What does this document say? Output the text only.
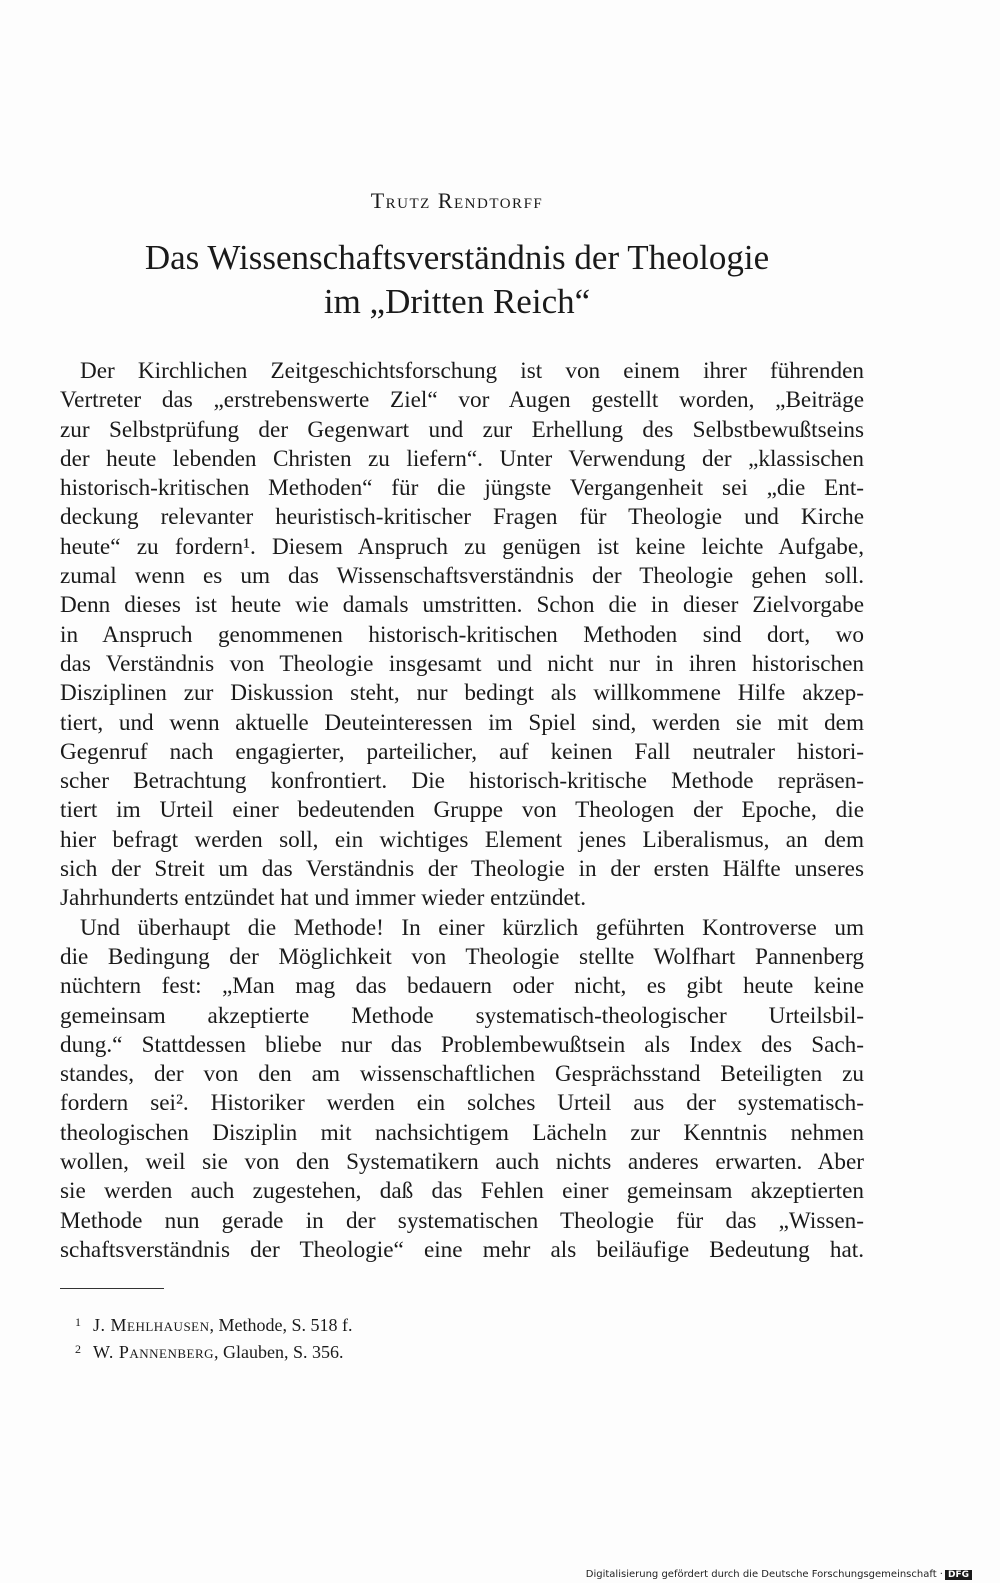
Trutz Rendtorff
Das Wissenschaftsverständnis der Theologie
im „Dritten Reich“
Der Kirchlichen Zeitgeschichtsforschung ist von einem ihrer führenden
Vertreter das „erstrebenswerte Ziel“ vor Augen gestellt worden, „Beiträge
zur Selbstprüfung der Gegenwart und zur Erhellung des Selbstbewußtseins
der heute lebenden Christen zu liefern“. Unter Verwendung der „klassischen
historisch-kritischen Methoden“ für die jüngste Vergangenheit sei „die Ent-
deckung relevanter heuristisch-kritischer Fragen für Theologie und Kirche
heute“ zu fordern¹. Diesem Anspruch zu genügen ist keine leichte Aufgabe,
zumal wenn es um das Wissenschaftsverständnis der Theologie gehen soll.
Denn dieses ist heute wie damals umstritten. Schon die in dieser Zielvorgabe
in Anspruch genommenen historisch-kritischen Methoden sind dort, wo
das Verständnis von Theologie insgesamt und nicht nur in ihren historischen
Disziplinen zur Diskussion steht, nur bedingt als willkommene Hilfe akzep-
tiert, und wenn aktuelle Deuteinteressen im Spiel sind, werden sie mit dem
Gegenruf nach engagierter, parteilicher, auf keinen Fall neutraler histori-
scher Betrachtung konfrontiert. Die historisch-kritische Methode repräsen-
tiert im Urteil einer bedeutenden Gruppe von Theologen der Epoche, die
hier befragt werden soll, ein wichtiges Element jenes Liberalismus, an dem
sich der Streit um das Verständnis der Theologie in der ersten Hälfte unseres
Jahrhunderts entzündet hat und immer wieder entzündet.
Und überhaupt die Methode! In einer kürzlich geführten Kontroverse um
die Bedingung der Möglichkeit von Theologie stellte Wolfhart Pannenberg
nüchtern fest: „Man mag das bedauern oder nicht, es gibt heute keine
gemeinsam akzeptierte Methode systematisch-theologischer Urteilsbil-
dung.“ Stattdessen bliebe nur das Problembewußtsein als Index des Sach-
standes, der von den am wissenschaftlichen Gesprächsstand Beteiligten zu
fordern sei². Historiker werden ein solches Urteil aus der systematisch-
theologischen Disziplin mit nachsichtigem Lächeln zur Kenntnis nehmen
wollen, weil sie von den Systematikern auch nichts anderes erwarten. Aber
sie werden auch zugestehen, daß das Fehlen einer gemeinsam akzeptierten
Methode nun gerade in der systematischen Theologie für das „Wissen-
schaftsverständnis der Theologie“ eine mehr als beiläufige Bedeutung hat.
1 J. Mehlhausen, Methode, S. 518 f.
2 W. Pannenberg, Glauben, S. 356.
Digitalisierung gefördert durch die Deutsche Forschungsgemeinschaft · DFG
